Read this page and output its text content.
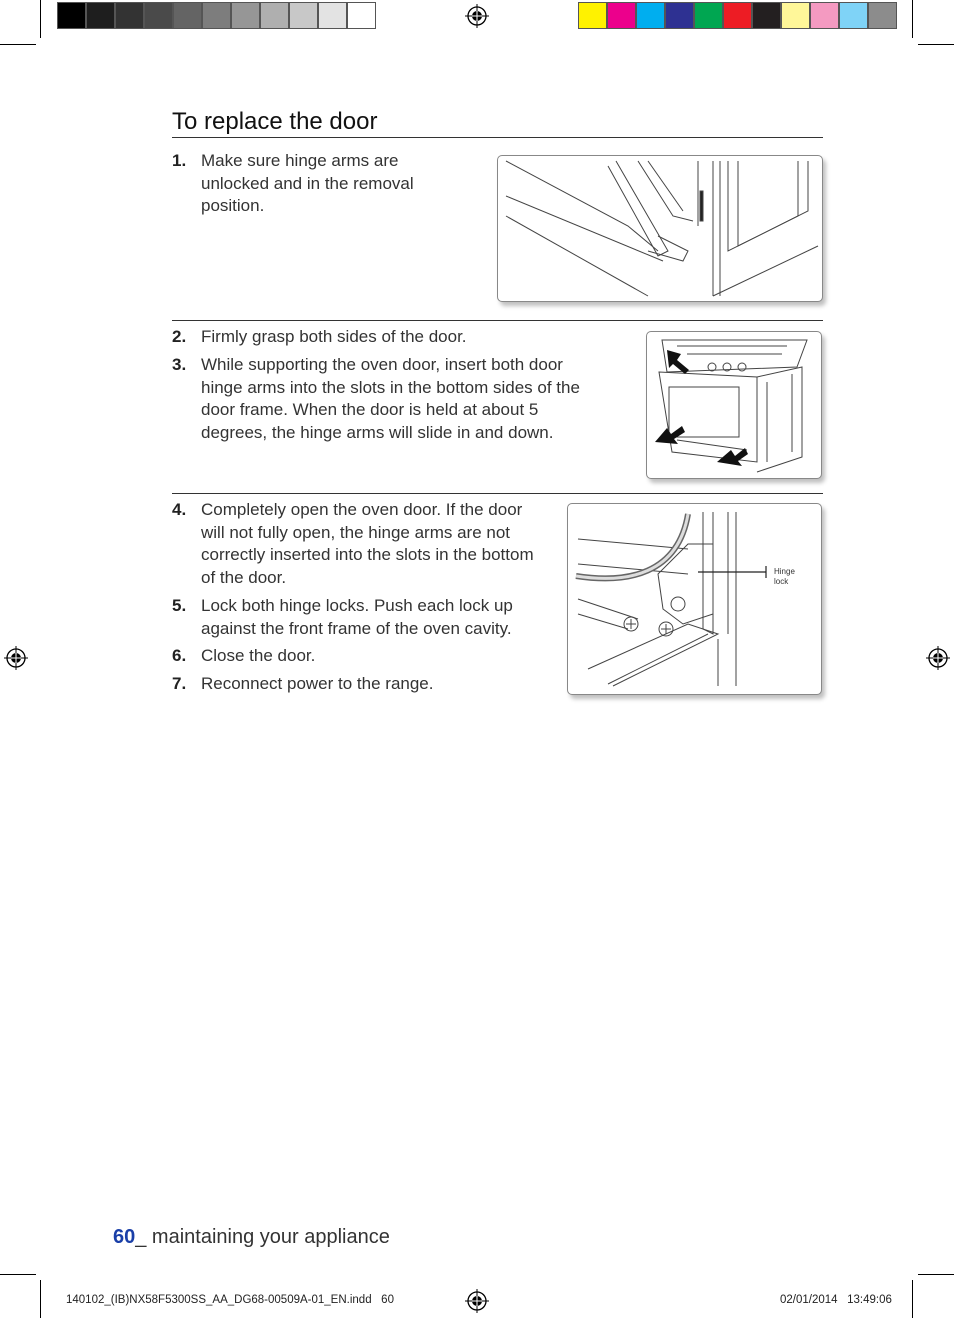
To replace the door
1. Make sure hinge arms are unlocked and in the removal position.
2. Firmly grasp both sides of the door.
3. While supporting the oven door, insert both door hinge arms into the slots in the bottom sides of the door frame. When the door is held at about 5 degrees, the hinge arms will slide in and down.
4. Completely open the oven door. If the door will not fully open, the hinge arms are not correctly inserted into the slots in the bottom of the door.
5. Lock both hinge locks. Push each lock up against the front frame of the oven cavity.
6. Close the door.
7. Reconnect power to the range.
Hinge
lock
60_ maintaining your appliance
140102_(IB)NX58F5300SS_AA_DG68-00509A-01_EN.indd   60	02/01/2014   13:49:06
